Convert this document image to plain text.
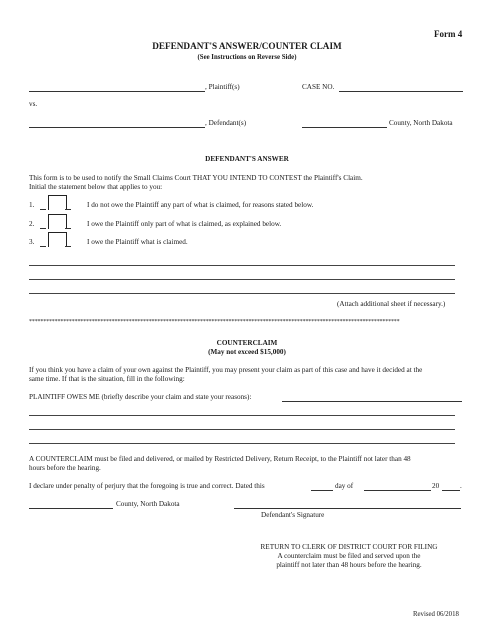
Form 4
DEFENDANT'S ANSWER/COUNTER CLAIM
(See Instructions on Reverse Side)
, Plaintiff(s)	CASE NO.
vs.
, Defendant(s)	County, North Dakota
DEFENDANT'S ANSWER
This form is to be used to notify the Small Claims Court THAT YOU INTEND TO CONTEST the Plaintiff's Claim.
Initial the statement below that applies to you:
1.	I do not owe the Plaintiff any part of what is claimed, for reasons stated below.
2.	I owe the Plaintiff only part of what is claimed, as explained below.
3.	I owe the Plaintiff what is claimed.
(Attach additional sheet if necessary.)
**********************************************************************************************************************************
COUNTERCLAIM
(May not exceed $15,000)
If you think you have a claim of your own against the Plaintiff, you may present your claim as part of this case and have it decided at the
same time. If that is the situation, fill in the following:
PLAINTIFF OWES ME (briefly describe your claim and state your reasons):
A COUNTERCLAIM must be filed and delivered, or mailed by Restricted Delivery, Return Receipt, to the Plaintiff not later than 48
hours before the hearing.
I declare under penalty of perjury that the foregoing is true and correct. Dated this	day of	20	.
County, North Dakota
Defendant's Signature
RETURN TO CLERK OF DISTRICT COURT FOR FILING
A counterclaim must be filed and served upon the
plaintiff not later than 48 hours before the hearing.
Revised 06/2018
